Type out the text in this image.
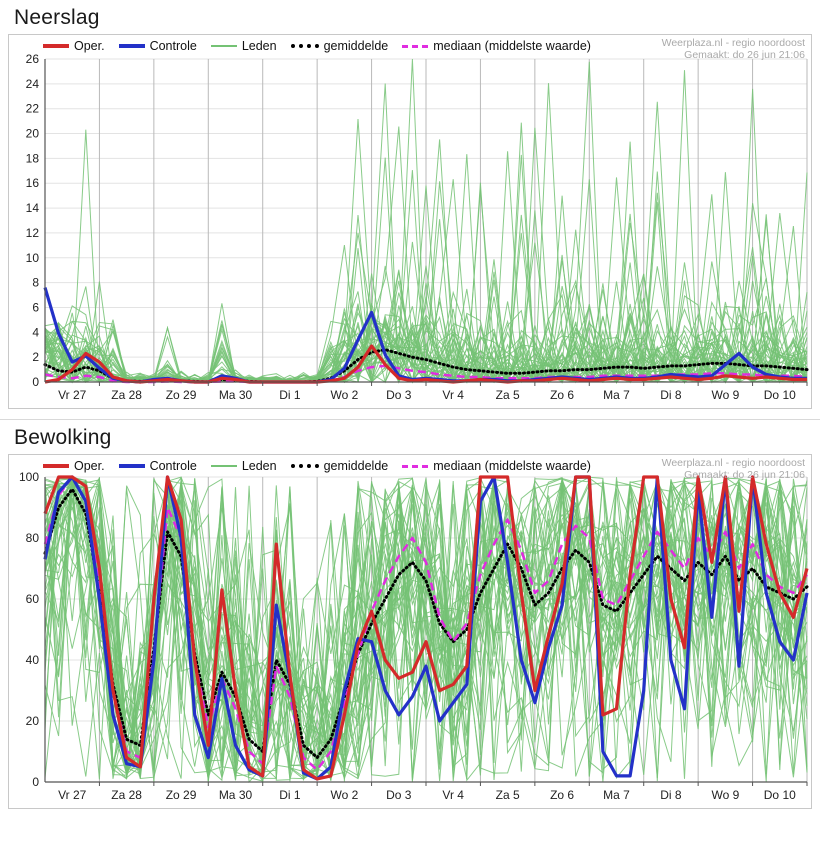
Neerslag
Oper.	Controle	Leden	gemiddelde	mediaan (middelste waarde)	Weerplaza.nl - regio noordoost
Gemaakt: do 26 jun 21:06
0
2
4
6
8
10
12
14
16
18
20
22
24
26
Vr 27 Za 28 Zo 29 Ma 30 Di 1 Wo 2 Do 3	Vr 4	Za 5	Zo 6 Ma 7	Di 8 Wo 9 Do 10
Bewolking
Oper.	Controle	Leden	gemiddelde	mediaan (middelste waarde)	Weerplaza.nl - regio noordoost
Gemaakt: do 26 jun 21:06
0
20
40
60
80
100
Vr 27 Za 28 Zo 29 Ma 30 Di 1 Wo 2 Do 3	Vr 4	Za 5	Zo 6 Ma 7	Di 8 Wo 9 Do 10
